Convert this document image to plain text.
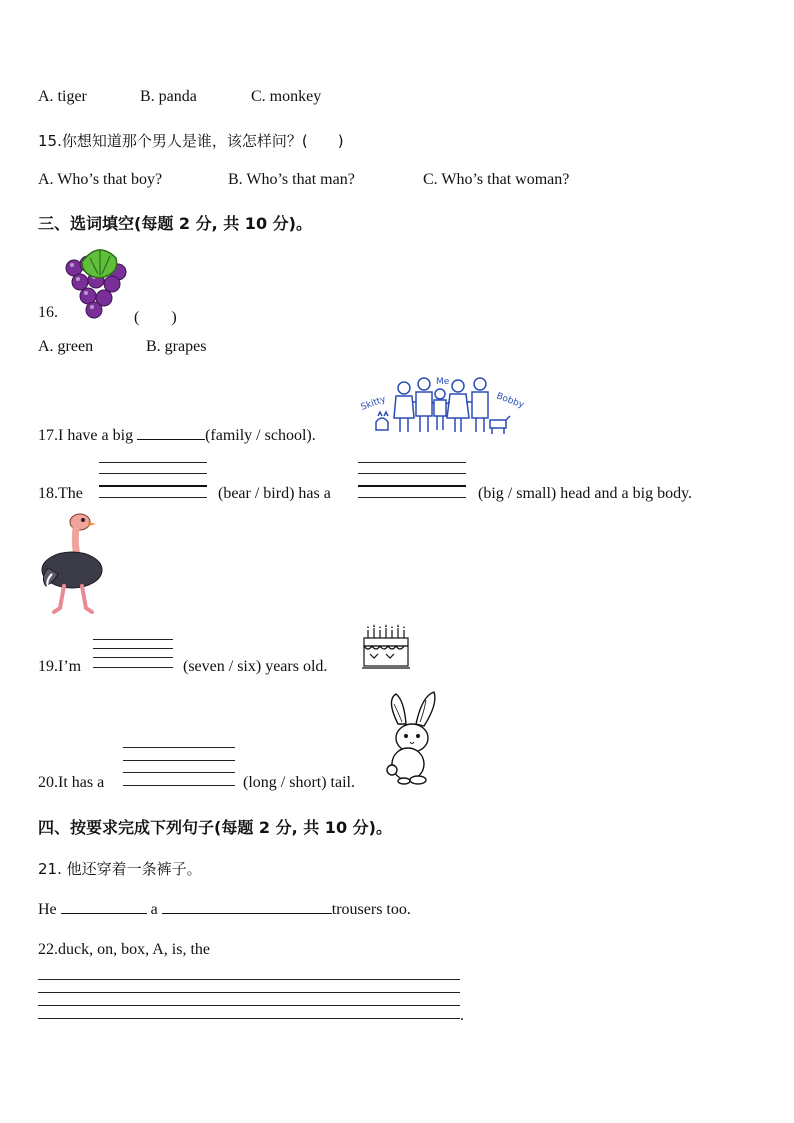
A. tiger	B. panda	C. monkey
15.你想知道那个男人是谁，该怎样问？(　　)
A. Who’s that boy?	B. Who’s that man?	C. Who’s that woman?
三、选词填空(每题 2 分, 共 10 分)。
16.	(　　)
A. green	B. grapes
Skitty
Me
Bobby
17.I have a big	(family / school).
18.The	(bear / bird) has a	(big / small) head and a big body.
19.I’m	(seven / six) years old.
20.It has a	(long / short) tail.
四、按要求完成下列句子(每题 2 分, 共 10 分)。
21. 他还穿着一条裤子。
He	a	trousers too.
22.duck, on, box, A, is, the
.
